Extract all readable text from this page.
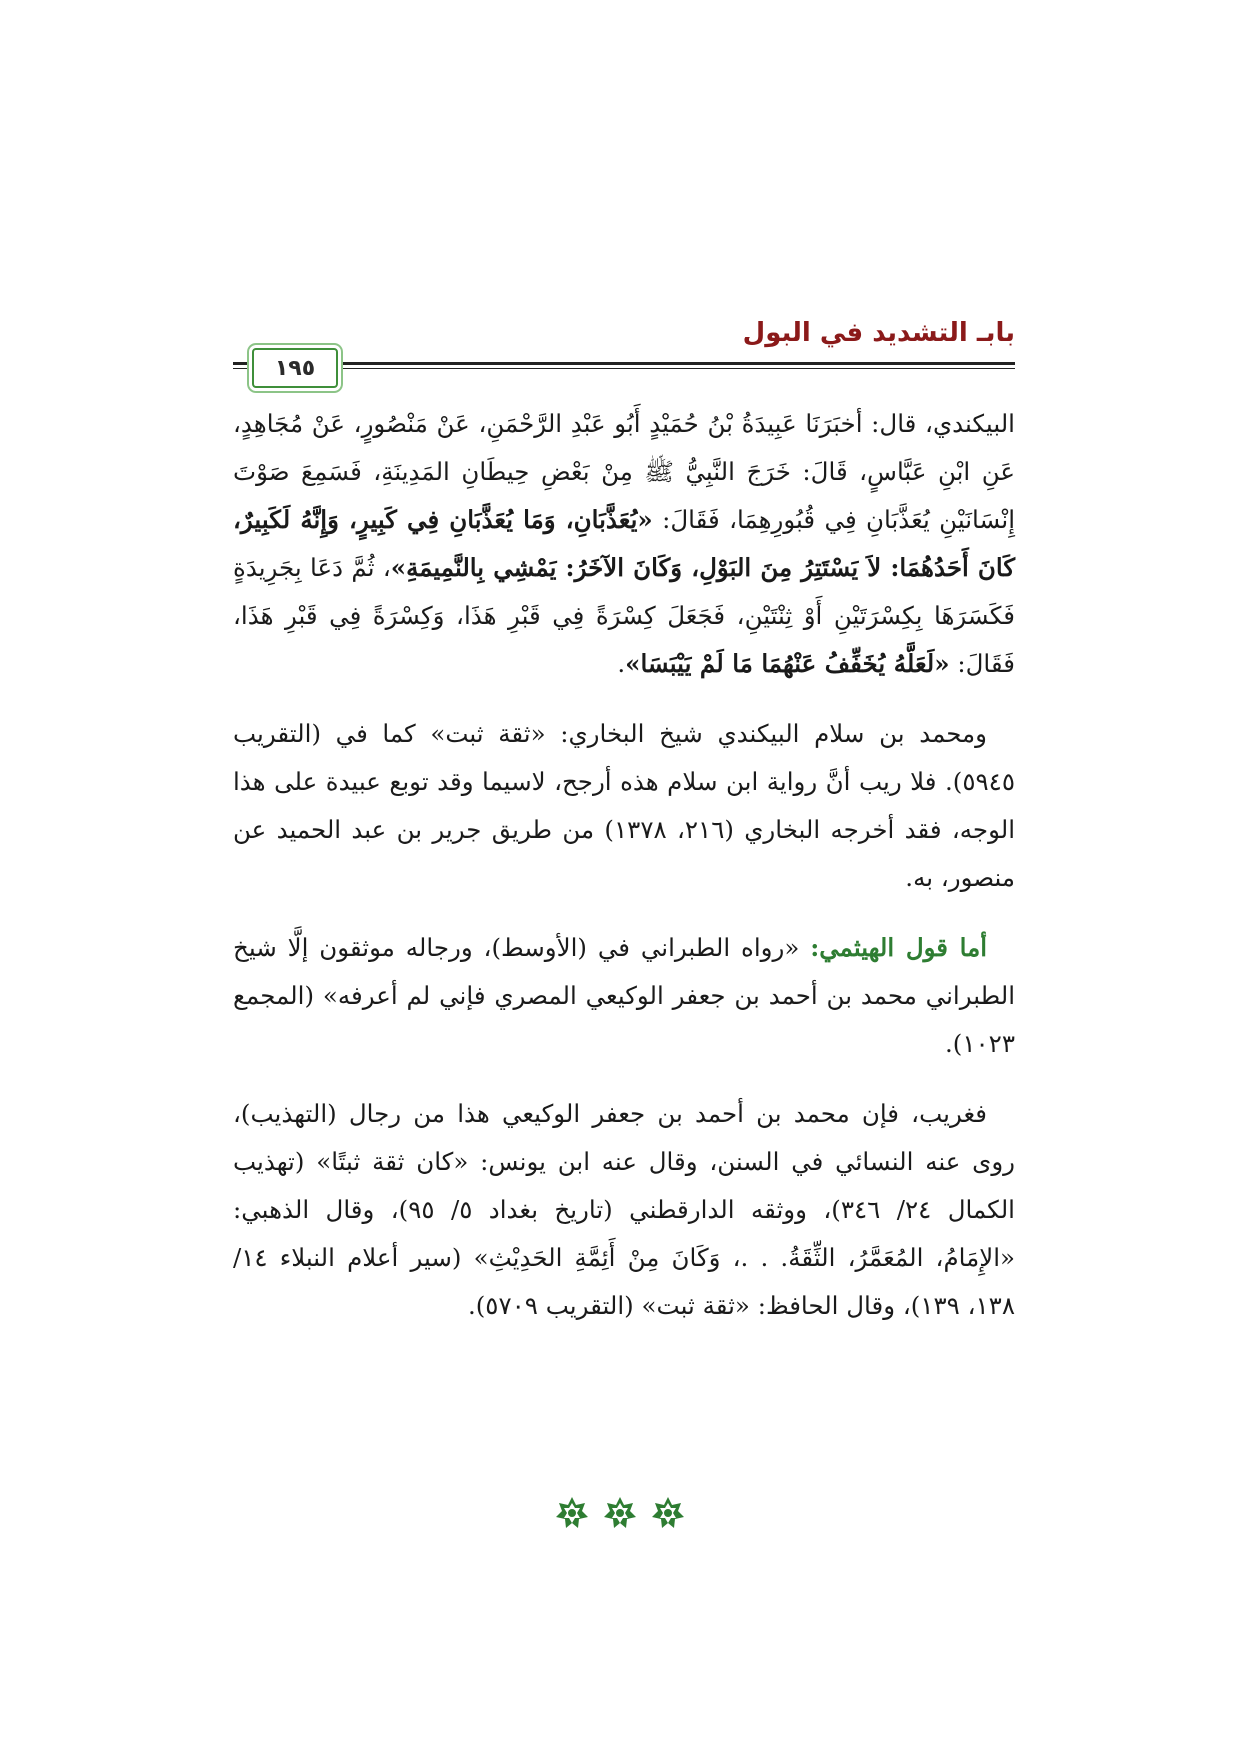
بابـ التشديد في البول
١٩٥

البيكندي، قال: أخبَرَنَا عَبِيدَةُ بْنُ حُمَيْدٍ أَبُو عَبْدِ الرَّحْمَنِ، عَنْ مَنْصُورٍ، عَنْ مُجَاهِدٍ، عَنِ ابْنِ عَبَّاسٍ، قَالَ: خَرَجَ النَّبِيُّ ﷺ مِنْ بَعْضِ حِيطَانِ المَدِينَةِ، فَسَمِعَ صَوْتَ إِنْسَانَيْنِ يُعَذَّبَانِ فِي قُبُورِهِمَا، فَقَالَ: «يُعَذَّبَانِ، وَمَا يُعَذَّبَانِ فِي كَبِيرٍ، وَإِنَّهُ لَكَبِيرٌ، كَانَ أَحَدُهُمَا: لاَ يَسْتَتِرُ مِنَ البَوْلِ، وَكَانَ الآخَرُ: يَمْشِي بِالنَّمِيمَةِ»، ثُمَّ دَعَا بِجَرِيدَةٍ فَكَسَرَهَا بِكِسْرَتَيْنِ أَوْ ثِنْتَيْنِ، فَجَعَلَ كِسْرَةً فِي قَبْرِ هَذَا، وَكِسْرَةً فِي قَبْرِ هَذَا، فَقَالَ: «لَعَلَّهُ يُخَفِّفُ عَنْهُمَا مَا لَمْ يَيْبَسَا».

ومحمد بن سلام البيكندي شيخ البخاري: «ثقة ثبت» كما في (التقريب ٥٩٤٥). فلا ريب أنَّ رواية ابن سلام هذه أرجح، لاسيما وقد توبع عبيدة على هذا الوجه، فقد أخرجه البخاري (٢١٦، ١٣٧٨) من طريق جرير بن عبد الحميد عن منصور، به.

أما قول الهيثمي: «رواه الطبراني في (الأوسط)، ورجاله موثقون إلَّا شيخ الطبراني محمد بن أحمد بن جعفر الوكيعي المصري فإني لم أعرفه» (المجمع ١٠٢٣).

فغريب، فإن محمد بن أحمد بن جعفر الوكيعي هذا من رجال (التهذيب)، روى عنه النسائي في السنن، وقال عنه ابن يونس: «كان ثقة ثبتًا» (تهذيب الكمال ٢٤/ ٣٤٦)، ووثقه الدارقطني (تاريخ بغداد ٥/ ٩٥)، وقال الذهبي: «الإِمَامُ، المُعَمَّرُ، الثِّقَةُ. . .، وَكَانَ مِنْ أَئِمَّةِ الحَدِيْثِ» (سير أعلام النبلاء ١٤/ ١٣٨، ١٣٩)، وقال الحافظ: «ثقة ثبت» (التقريب ٥٧٠٩).
